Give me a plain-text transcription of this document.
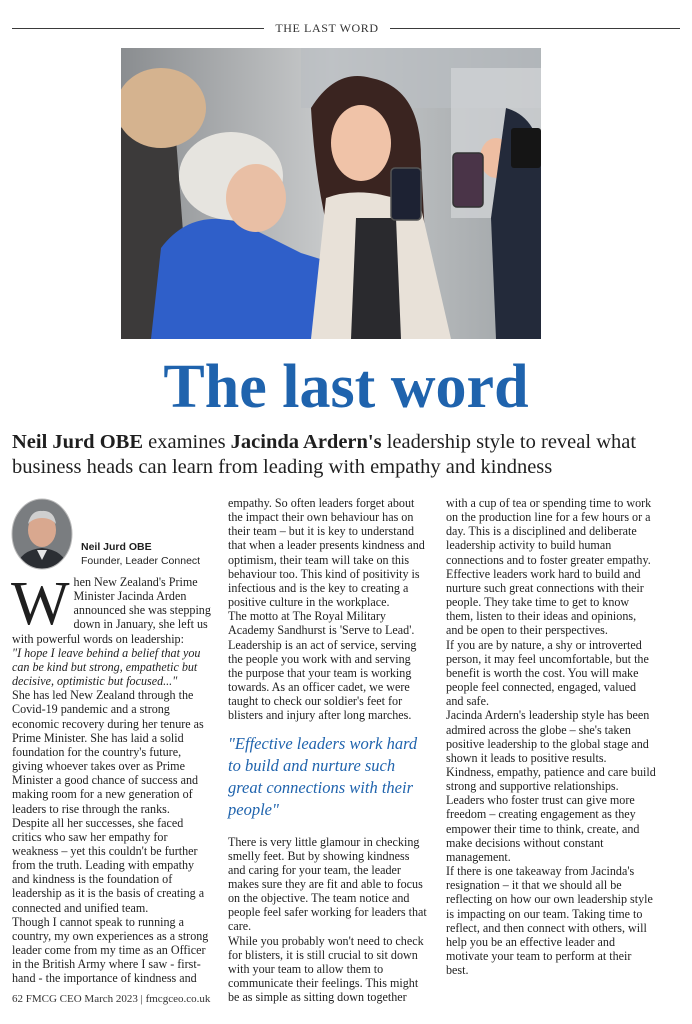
THE LAST WORD
The last word

Neil Jurd OBE examines Jacinda Ardern's leadership style to reveal what business heads can learn from leading with empathy and kindness

Neil Jurd OBE
Founder, Leader Connect
W hen New Zealand's Prime Minister Jacinda Arden announced she was stepping down in January, she left us with powerful words on leadership:

"I hope I leave behind a belief that you can be kind but strong, empathetic but decisive, optimistic but focused..."

She has led New Zealand through the Covid-19 pandemic and a strong economic recovery during her tenure as Prime Minister. She has laid a solid foundation for the country's future, giving whoever takes over as Prime Minister a good chance of success and making room for a new generation of leaders to rise through the ranks.

Despite all her successes, she faced critics who saw her empathy for weakness – yet this couldn't be further from the truth. Leading with empathy and kindness is the foundation of leadership as it is the basis of creating a connected and unified team.

Though I cannot speak to running a country, my own experiences as a strong leader come from my time as an Officer in the British Army where I saw - first-hand - the importance of kindness and

empathy. So often leaders forget about the impact their own behaviour has on their team – but it is key to understand that when a leader presents kindness and optimism, their team will take on this behaviour too. This kind of positivity is infectious and is the key to creating a positive culture in the workplace.

The motto at The Royal Military Academy Sandhurst is 'Serve to Lead'. Leadership is an act of service, serving the people you work with and serving the purpose that your team is working towards. As an officer cadet, we were taught to check our soldier's feet for blisters and injury after long marches.

"Effective leaders work hard to build and nurture such great connections with their people"

There is very little glamour in checking smelly feet. But by showing kindness and caring for your team, the leader makes sure they are fit and able to focus on the objective. The team notice and people feel safer working for leaders that care.

While you probably won't need to check for blisters, it is still crucial to sit down with your team to allow them to communicate their feelings. This might be as simple as sitting down together

with a cup of tea or spending time to work on the production line for a few hours or a day. This is a disciplined and deliberate leadership activity to build human connections and to foster greater empathy.

Effective leaders work hard to build and nurture such great connections with their people. They take time to get to know them, listen to their ideas and opinions, and be open to their perspectives.

If you are by nature, a shy or introverted person, it may feel uncomfortable, but the benefit is worth the cost. You will make people feel connected, engaged, valued and safe.

Jacinda Ardern's leadership style has been admired across the globe – she's taken positive leadership to the global stage and shown it leads to positive results. Kindness, empathy, patience and care build strong and supportive relationships. Leaders who foster trust can give more freedom – creating engagement as they empower their time to think, create, and make decisions without constant management.

If there is one takeaway from Jacinda's resignation – it that we should all be reflecting on how our own leadership style is impacting on our team. Taking time to reflect, and then connect with others, will help you be an effective leader and motivate your team to perform at their best.

62 FMCG CEO March 2023 | fmcgceo.co.uk
